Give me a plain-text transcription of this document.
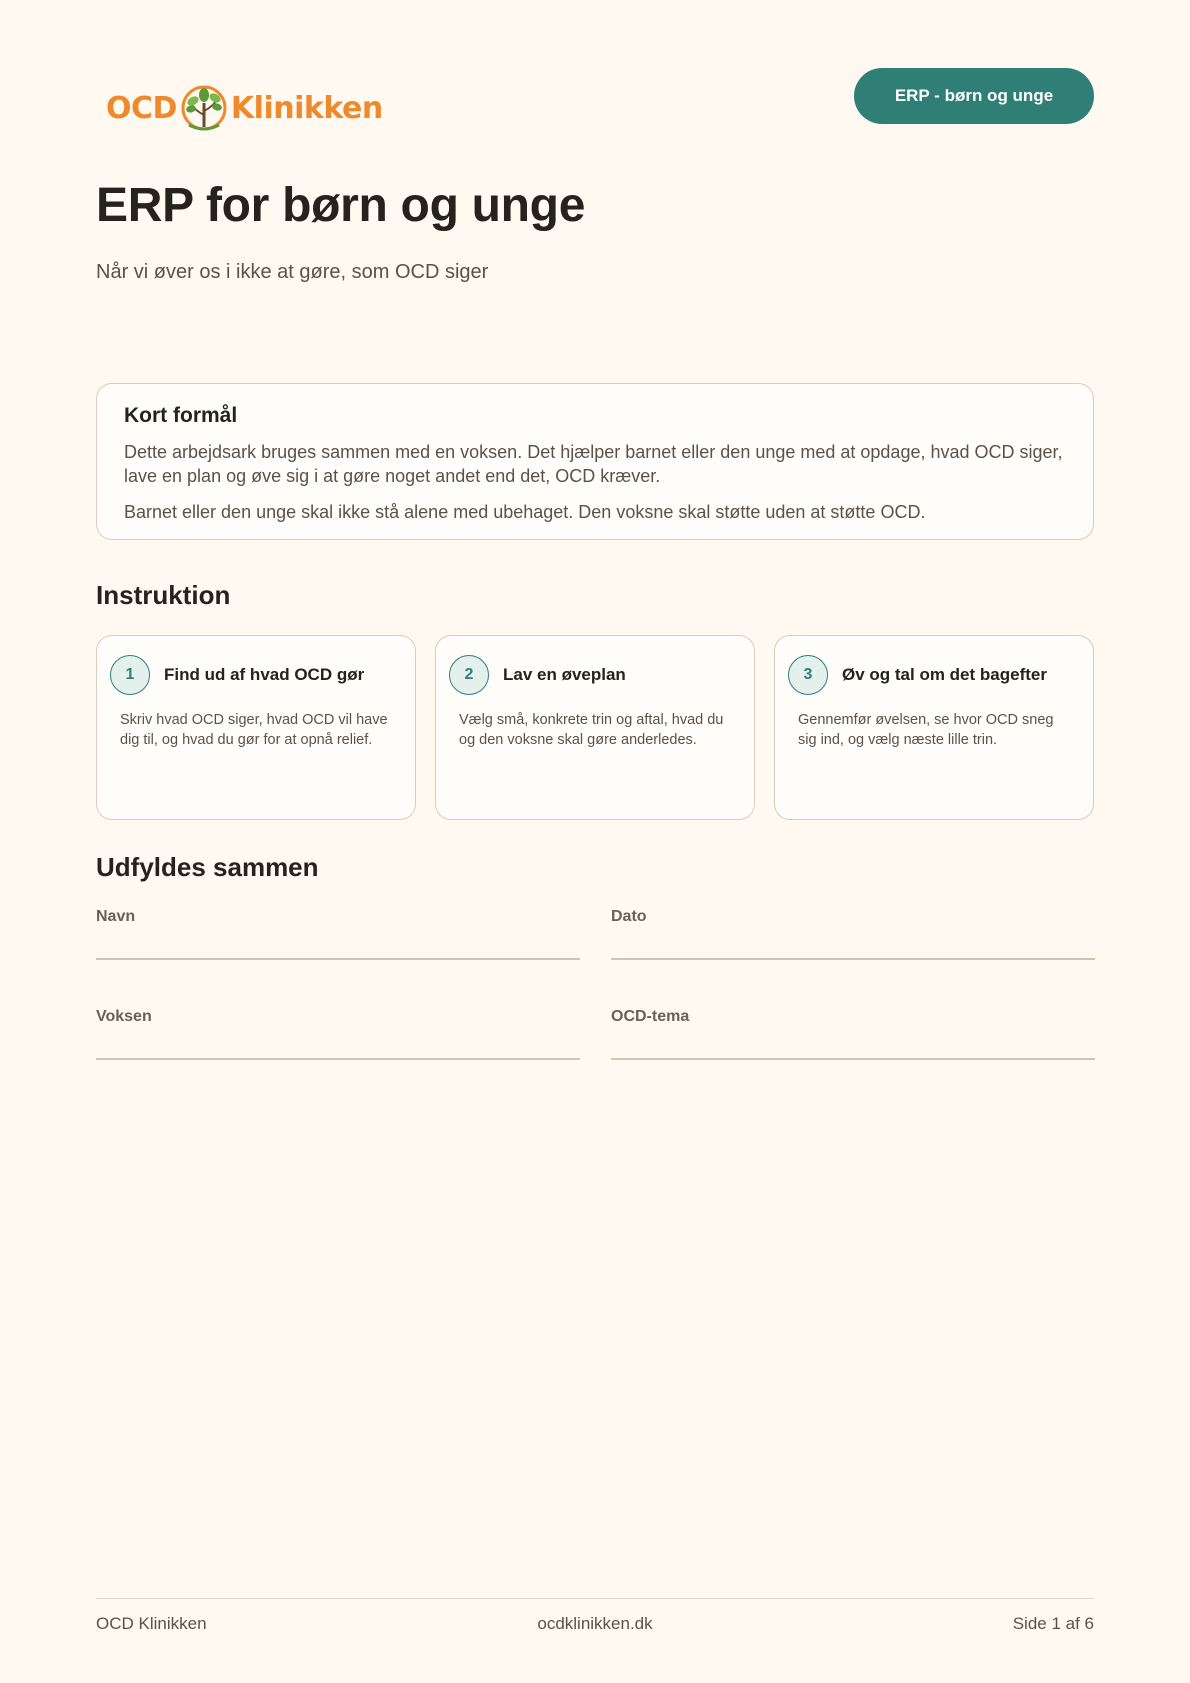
OCD Klinikken	ERP - børn og unge
ERP for børn og unge
Når vi øver os i ikke at gøre, som OCD siger
Kort formål

Dette arbejdsark bruges sammen med en voksen. Det hjælper barnet eller den unge med at opdage, hvad OCD siger, lave en plan og øve sig i at gøre noget andet end det, OCD kræver.

Barnet eller den unge skal ikke stå alene med ubehaget. Den voksne skal støtte uden at støtte OCD.

Instruktion
1	Find ud af hvad OCD gør
Skriv hvad OCD siger, hvad OCD vil have dig til, og hvad du gør for at opnå relief.
2	Lav en øveplan
Vælg små, konkrete trin og aftal, hvad du og den voksne skal gøre anderledes.
3	Øv og tal om det bagefter
Gennemfør øvelsen, se hvor OCD sneg sig ind, og vælg næste lille trin.
Udfyldes sammen
Navn	Dato
Voksen	OCD-tema
OCD Klinikken	ocdklinikken.dk	Side 1 af 6
